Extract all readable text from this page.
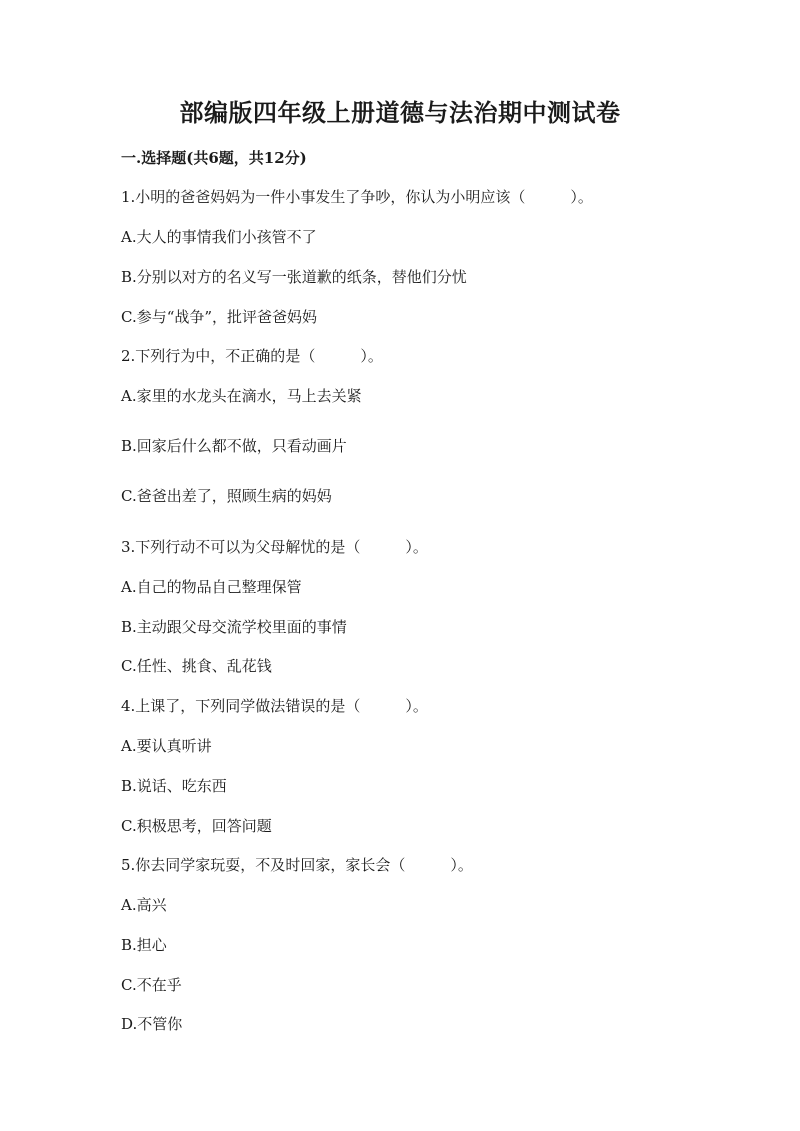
部编版四年级上册道德与法治期中测试卷
一.选择题(共6题，共12分)
1.小明的爸爸妈妈为一件小事发生了争吵，你认为小明应该（　　　）。
A.大人的事情我们小孩管不了
B.分别以对方的名义写一张道歉的纸条，替他们分忧
C.参与“战争”，批评爸爸妈妈
2.下列行为中，不正确的是（　　　）。
A.家里的水龙头在滴水，马上去关紧
B.回家后什么都不做，只看动画片
C.爸爸出差了，照顾生病的妈妈
3.下列行动不可以为父母解忧的是（　　　）。
A.自己的物品自己整理保管
B.主动跟父母交流学校里面的事情
C.任性、挑食、乱花钱
4.上课了，下列同学做法错误的是（　　　）。
A.要认真听讲
B.说话、吃东西
C.积极思考，回答问题
5.你去同学家玩耍，不及时回家，家长会（　　　）。
A.高兴
B.担心
C.不在乎
D.不管你
